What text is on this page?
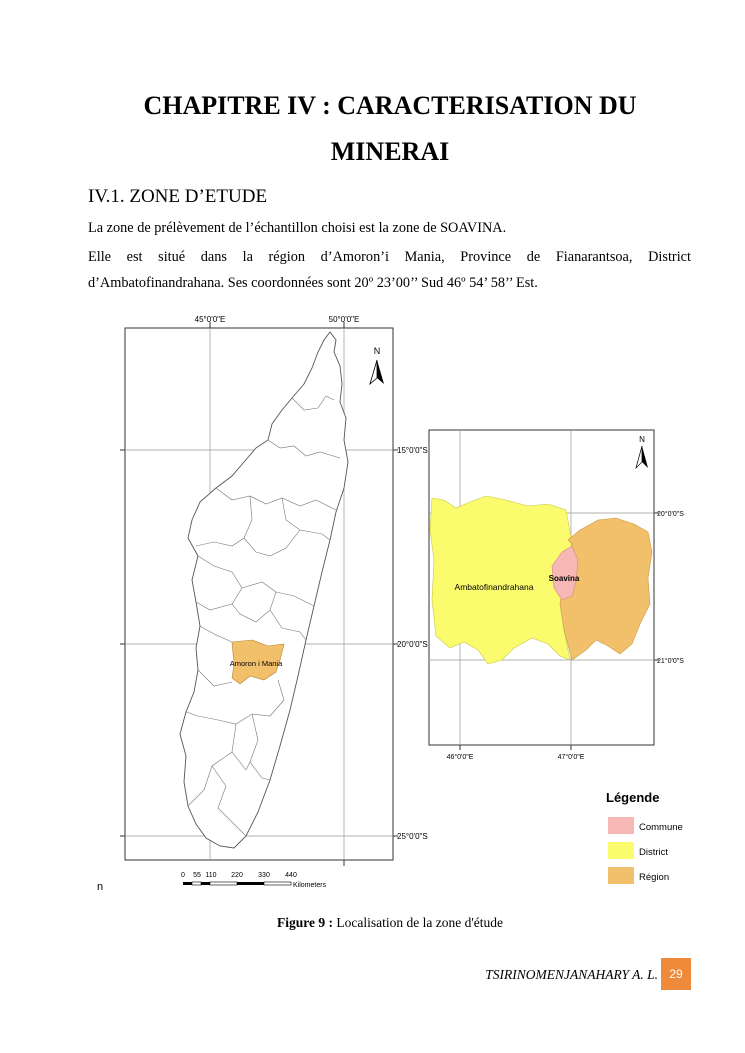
CHAPITRE IV : CARACTERISATION DU
MINERAI
IV.1. ZONE D’ETUDE
La zone de prélèvement de l’échantillon choisi est la zone de SOAVINA.
Elle est situé dans la région d’Amoron’i Mania, Province de Fianarantsoa, District
d’Ambatofinandrahana. Ses coordonnées sont 20º 23’00’’ Sud 46º 54’ 58’’ Est.
45°0'0"E	50°0'0"E
15°0'0"S
20°0'0"S
25°0'0"S
Amoron i Mania
N
0 55 110 220 330 440
Kilometers
20°0'0"S
21°0'0"S
46°0'0"E	47°0'0"E
Ambatofinandrahana
Soavina
N
Légende
Commune
District
Région
n
Figure 9 : Localisation de la zone d'étude
TSIRINOMENJANAHARY A. L. 29
